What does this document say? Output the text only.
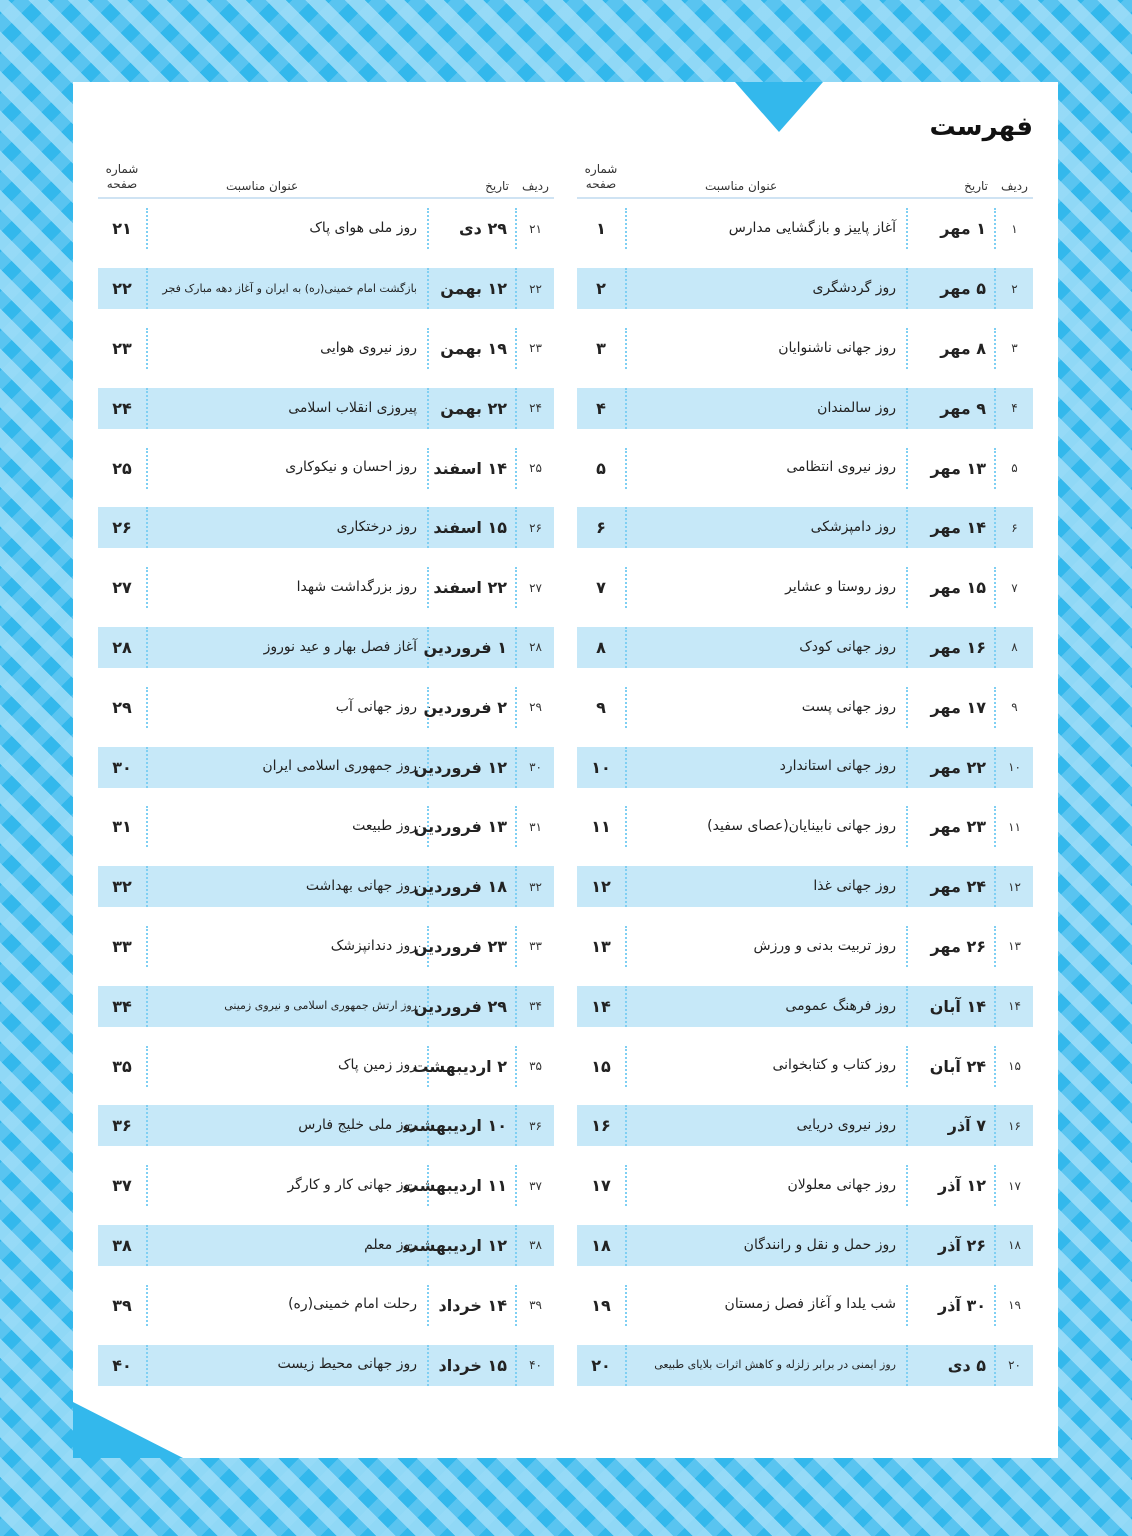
فهرست
ردیف
تاریخ
عنوان مناسبت
شماره
صفحه
۱
۱ مهر
آغاز پاییز و بازگشایی مدارس
۱
۲
۵ مهر
روز گردشگری
۲
۳
۸ مهر
روز جهانی ناشنوایان
۳
۴
۹ مهر
روز سالمندان
۴
۵
۱۳ مهر
روز نیروی انتظامی
۵
۶
۱۴ مهر
روز دامپزشکی
۶
۷
۱۵ مهر
روز روستا و عشایر
۷
۸
۱۶ مهر
روز جهانی کودک
۸
۹
۱۷ مهر
روز جهانی پست
۹
۱۰
۲۲ مهر
روز جهانی استاندارد
۱۰
۱۱
۲۳ مهر
روز جهانی نابینایان(عصای سفید)
۱۱
۱۲
۲۴ مهر
روز جهانی غذا
۱۲
۱۳
۲۶ مهر
روز تربیت بدنی و ورزش
۱۳
۱۴
۱۴ آبان
روز فرهنگ عمومی
۱۴
۱۵
۲۴ آبان
روز کتاب و کتابخوانی
۱۵
۱۶
۷ آذر
روز نیروی دریایی
۱۶
۱۷
۱۲ آذر
روز جهانی معلولان
۱۷
۱۸
۲۶ آذر
روز حمل و نقل و رانندگان
۱۸
۱۹
۳۰ آذر
شب یلدا و آغاز فصل زمستان
۱۹
۲۰
۵ دی
روز ایمنی در برابر زلزله و کاهش اثرات بلایای طبیعی
۲۰
ردیف
تاریخ
عنوان مناسبت
شماره
صفحه
۲۱
۲۹ دی
روز ملی هوای پاک
۲۱
۲۲
۱۲ بهمن
بازگشت امام خمینی(ره) به ایران و آغاز دهه مبارک فجر
۲۲
۲۳
۱۹ بهمن
روز نیروی هوایی
۲۳
۲۴
۲۲ بهمن
پیروزی انقلاب اسلامی
۲۴
۲۵
۱۴ اسفند
روز احسان و نیکوکاری
۲۵
۲۶
۱۵ اسفند
روز درختکاری
۲۶
۲۷
۲۲ اسفند
روز بزرگداشت شهدا
۲۷
۲۸
۱ فروردین
آغاز فصل بهار و عید نوروز
۲۸
۲۹
۲ فروردین
روز جهانی آب
۲۹
۳۰
۱۲ فروردین
روز جمهوری اسلامی ایران
۳۰
۳۱
۱۳ فروردین
روز طبیعت
۳۱
۳۲
۱۸ فروردین
روز جهانی بهداشت
۳۲
۳۳
۲۳ فروردین
روز دندانپزشک
۳۳
۳۴
۲۹ فروردین
روز ارتش جمهوری اسلامی و نیروی زمینی
۳۴
۳۵
۲ اردیبهشت
روز زمین پاک
۳۵
۳۶
۱۰ اردیبهشت
روز ملی خلیج فارس
۳۶
۳۷
۱۱ اردیبهشت
روز جهانی کار و کارگر
۳۷
۳۸
۱۲ اردیبهشت
روز معلم
۳۸
۳۹
۱۴ خرداد
رحلت امام خمینی(ره)
۳۹
۴۰
۱۵ خرداد
روز جهانی محیط زیست
۴۰
